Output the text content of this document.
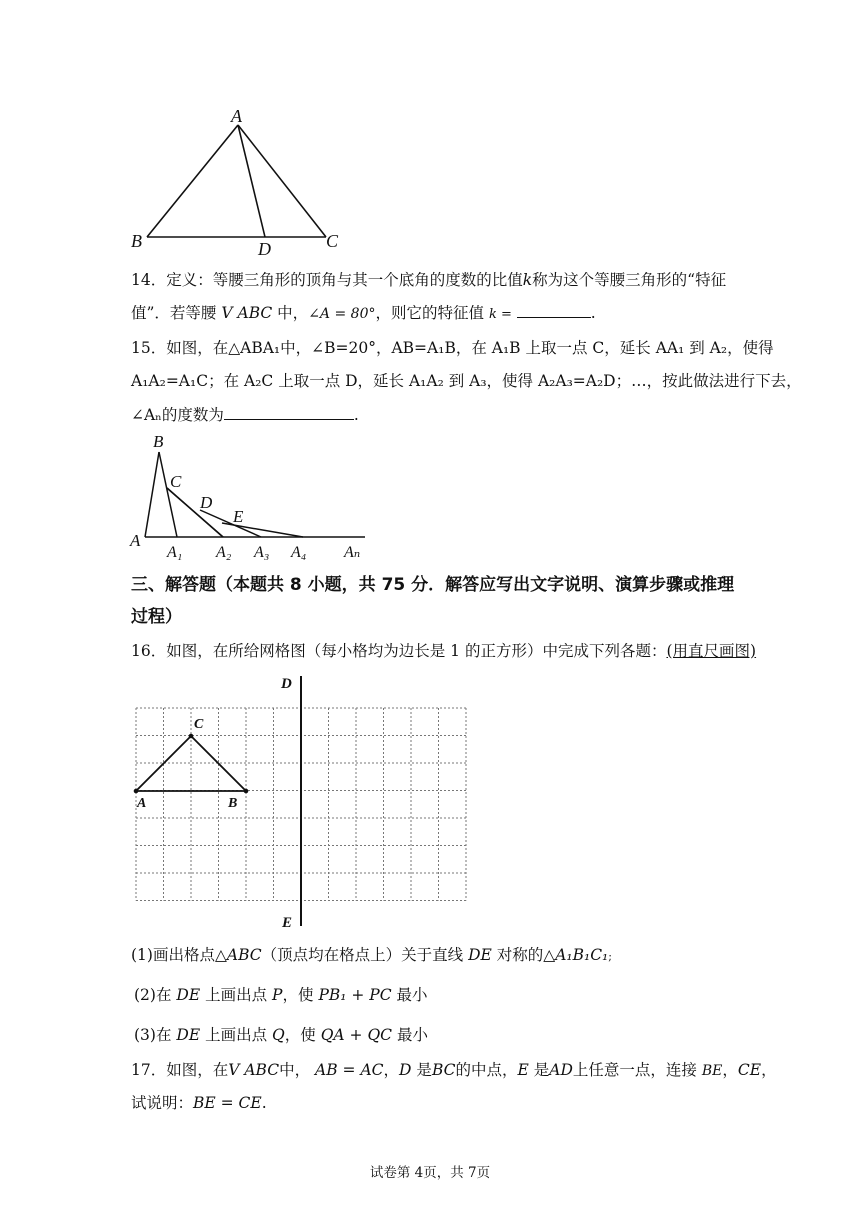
A
B	D	C
14．定义：等腰三角形的顶角与其一个底角的度数的比值k称为这个等腰三角形的“特征
值”．若等腰 V ABC 中，∠A = 80°，则它的特征值 k =	.
15．如图，在△ABA₁中，∠B=20°，AB=A₁B，在 A₁B 上取一点 C，延长 AA₁ 到 A₂，使得
A₁A₂=A₁C；在 A₂C 上取一点 D，延长 A₁A₂ 到 A₃，使得 A₂A₃=A₂D；…，按此做法进行下去，
∠Aₙ的度数为	.
B
C
D
E
A
A₁ A₂ A₃ A₄ Aₙ
三、解答题（本题共 8 小题，共 75 分．解答应写出文字说明、演算步骤或推理
过程）
16．如图，在所给网格图（每小格均为边长是 1 的正方形）中完成下列各题：(用直尺画图)
D
E
A	B
C
(1)画出格点△ABC（顶点均在格点上）关于直线 DE 对称的△A₁B₁C₁;
(2)在 DE 上画出点 P，使 PB₁ + PC 最小
(3)在 DE 上画出点 Q，使 QA + QC 最小
17．如图，在V ABC中， AB = AC，D 是BC的中点，E 是AD上任意一点，连接 BE，CE，
试说明：BE = CE.
试卷第 4页，共 7页
